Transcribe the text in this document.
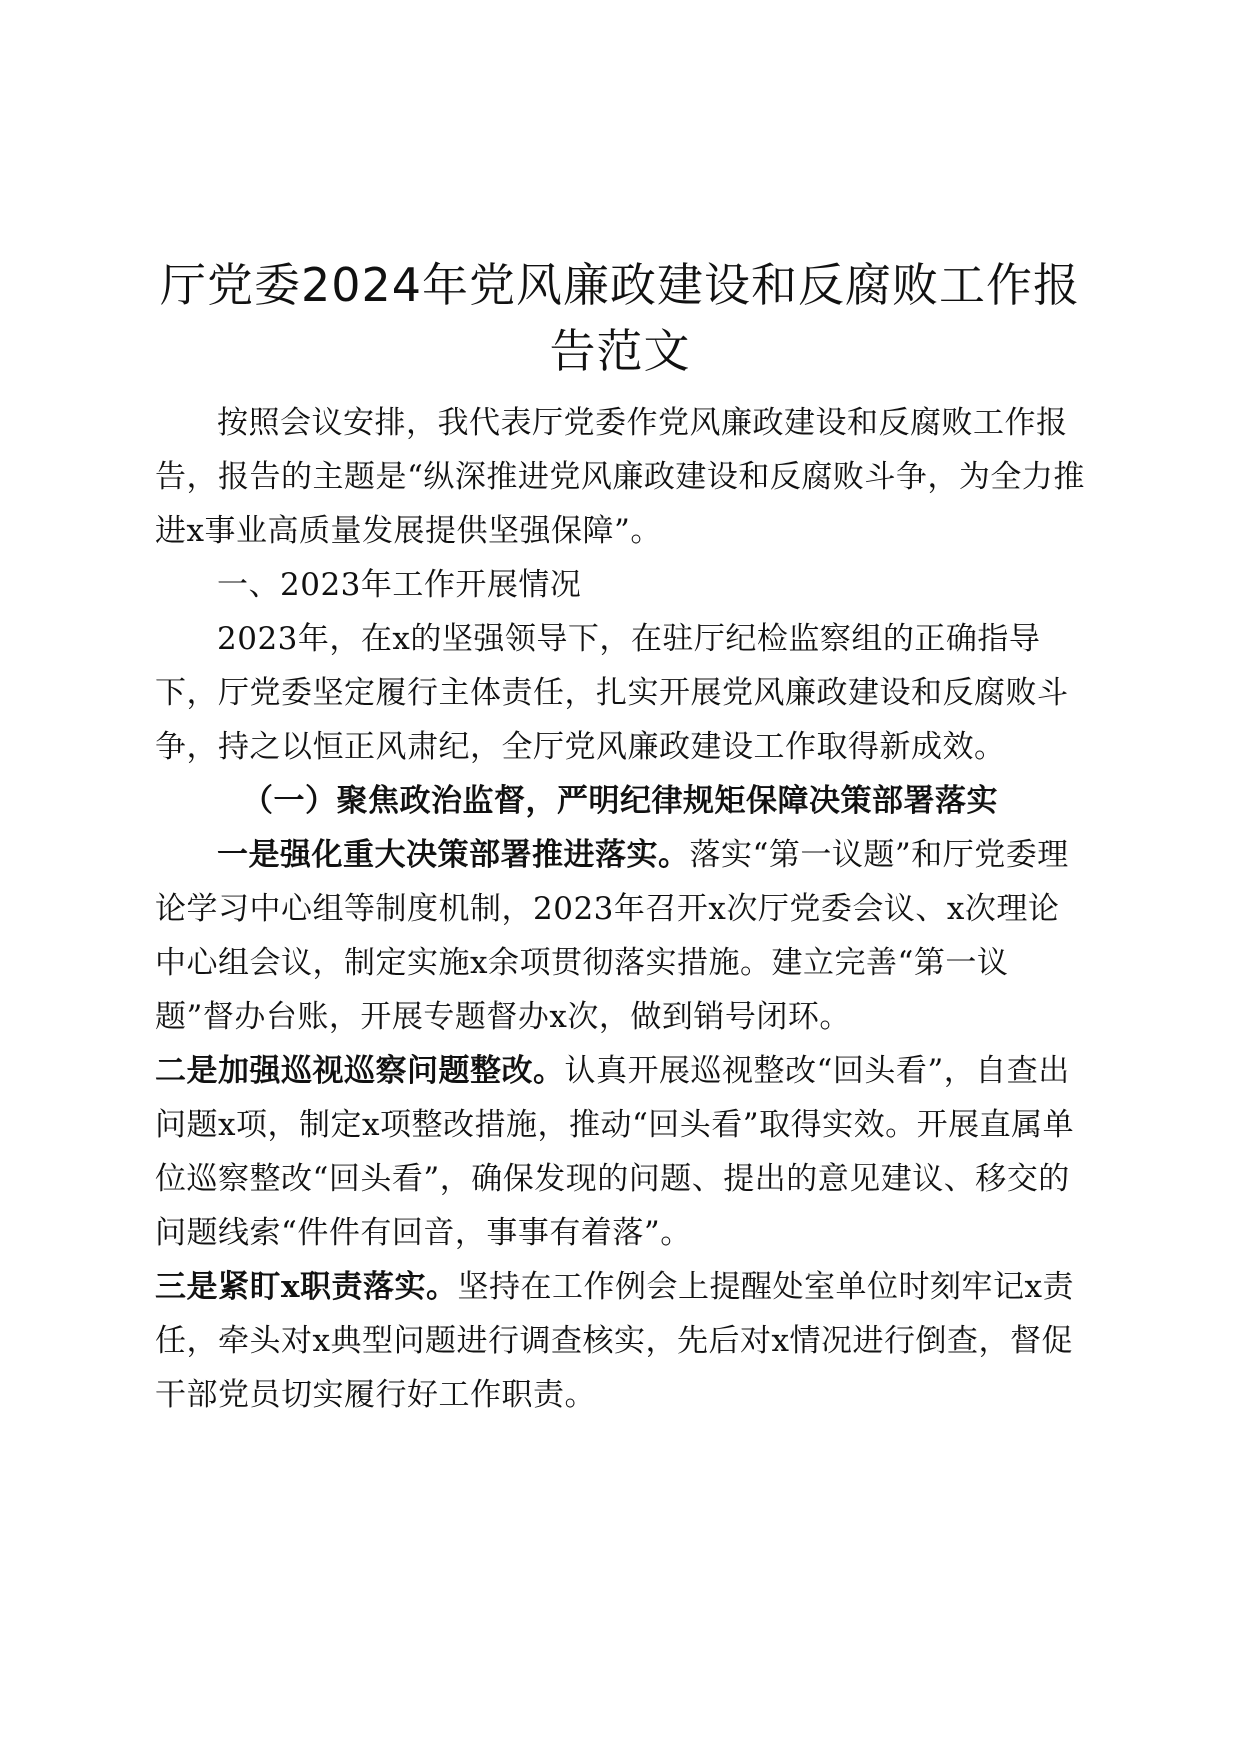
厅党委2024年党风廉政建设和反腐败工作报
告范文

按照会议安排，我代表厅党委作党风廉政建设和反腐败工作报告，报告的主题是“纵深推进党风廉政建设和反腐败斗争，为全力推进x事业高质量发展提供坚强保障”。

一、2023年工作开展情况

2023年，在x的坚强领导下，在驻厅纪检监察组的正确指导下，厅党委坚定履行主体责任，扎实开展党风廉政建设和反腐败斗争，持之以恒正风肃纪，全厅党风廉政建设工作取得新成效。

（一）聚焦政治监督，严明纪律规矩保障决策部署落实

一是强化重大决策部署推进落实。落实“第一议题”和厅党委理论学习中心组等制度机制，2023年召开x次厅党委会议、x次理论中心组会议，制定实施x余项贯彻落实措施。建立完善“第一议题”督办台账，开展专题督办x次，做到销号闭环。

二是加强巡视巡察问题整改。认真开展巡视整改“回头看”，自查出问题x项，制定x项整改措施，推动“回头看”取得实效。开展直属单位巡察整改“回头看”，确保发现的问题、提出的意见建议、移交的问题线索“件件有回音，事事有着落”。

三是紧盯x职责落实。坚持在工作例会上提醒处室单位时刻牢记x责任，牵头对x典型问题进行调查核实，先后对x情况进行倒查，督促干部党员切实履行好工作职责。
